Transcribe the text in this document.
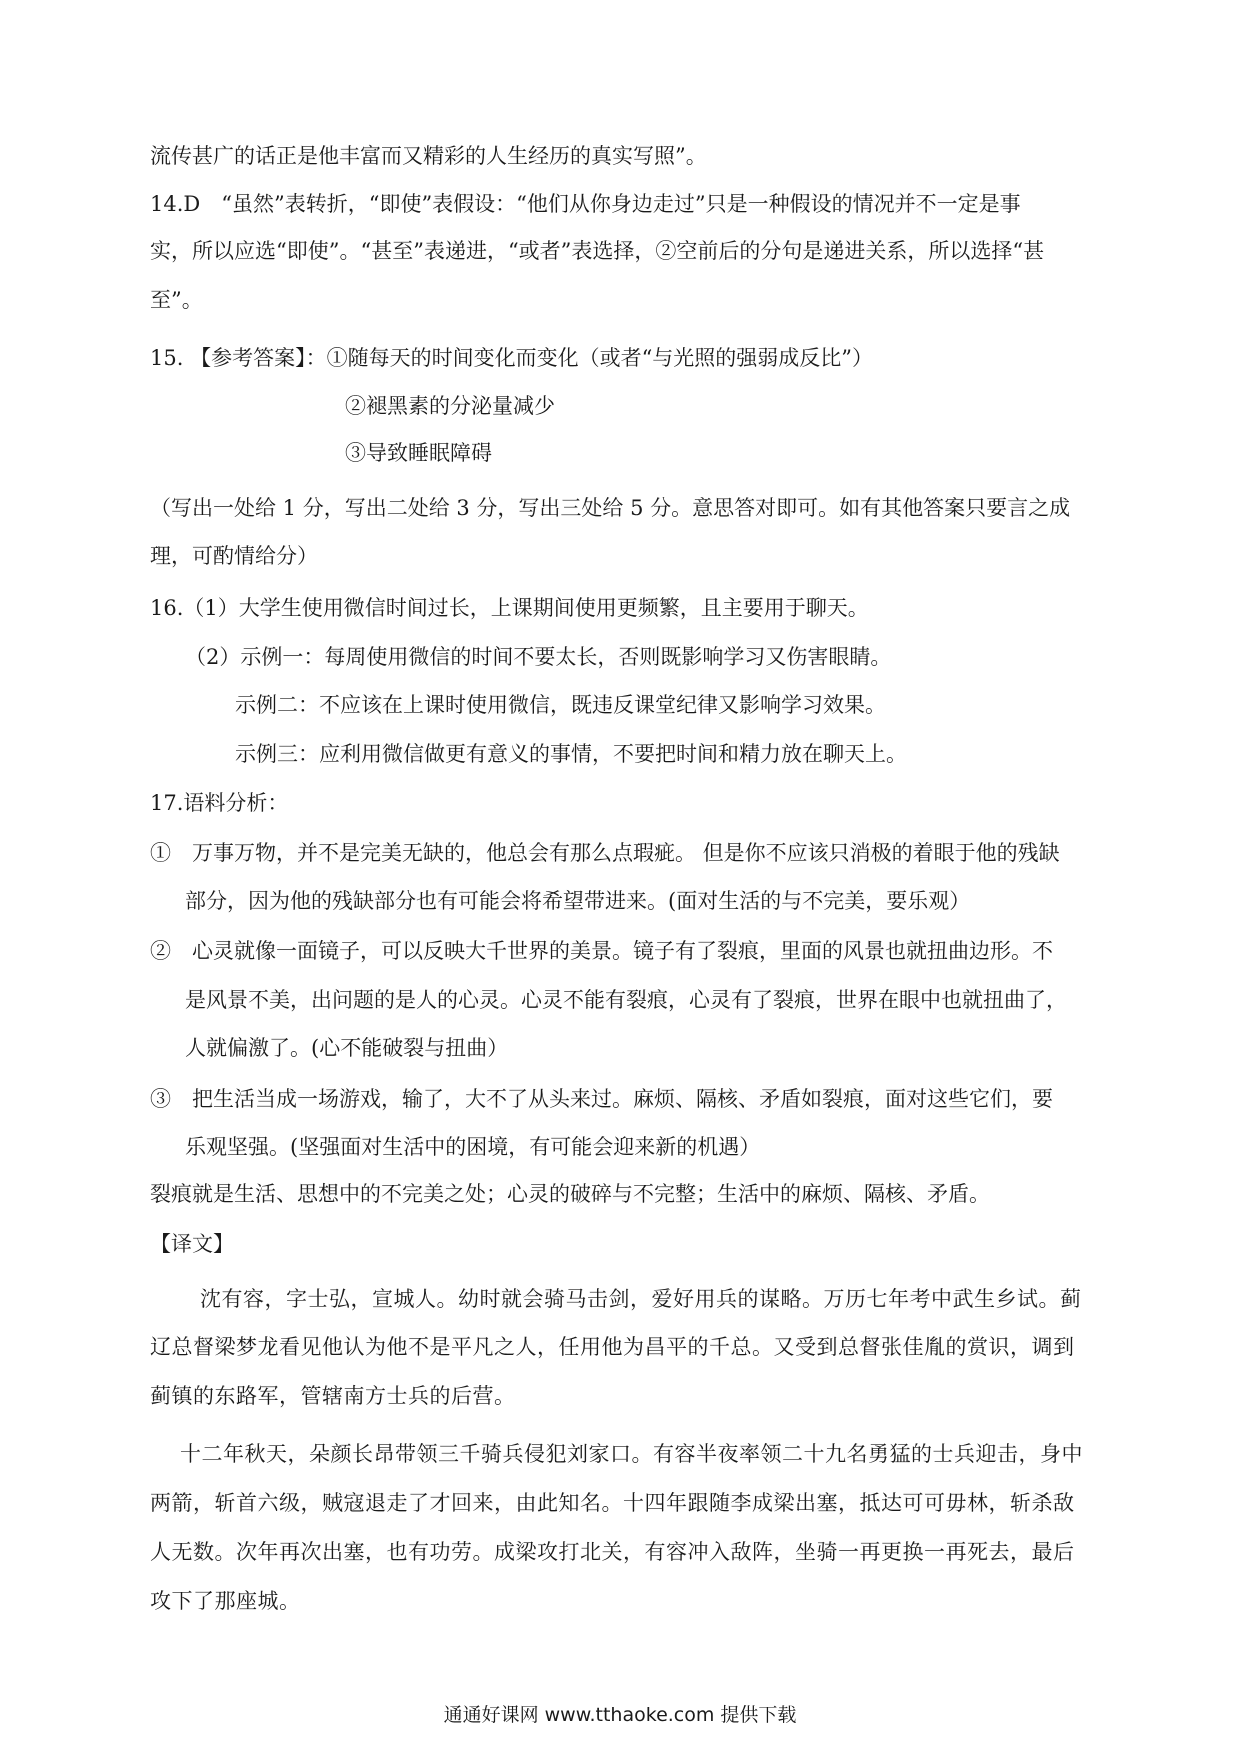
流传甚广的话正是他丰富而又精彩的人生经历的真实写照”。
14.D　“虽然”表转折，“即使”表假设：“他们从你身边走过”只是一种假设的情况并不一定是事
实，所以应选“即使”。“甚至”表递进，“或者”表选择，②空前后的分句是递进关系，所以选择“甚
至”。
15. 【参考答案】：①随每天的时间变化而变化（或者“与光照的强弱成反比”）
②褪黑素的分泌量减少
③导致睡眠障碍
（写出一处给 1 分，写出二处给 3 分，写出三处给 5 分。意思答对即可。如有其他答案只要言之成
理，可酌情给分）
16.（1）大学生使用微信时间过长，上课期间使用更频繁，且主要用于聊天。
（2）示例一：每周使用微信的时间不要太长，否则既影响学习又伤害眼睛。
示例二：不应该在上课时使用微信，既违反课堂纪律又影响学习效果。
示例三：应利用微信做更有意义的事情，不要把时间和精力放在聊天上。
17.语料分析：
①　万事万物，并不是完美无缺的，他总会有那么点瑕疵。 但是你不应该只消极的着眼于他的残缺
部分，因为他的残缺部分也有可能会将希望带进来。(面对生活的与不完美，要乐观）
②　心灵就像一面镜子，可以反映大千世界的美景。镜子有了裂痕，里面的风景也就扭曲边形。不
是风景不美，出问题的是人的心灵。心灵不能有裂痕，心灵有了裂痕，世界在眼中也就扭曲了，
人就偏激了。(心不能破裂与扭曲）
③　把生活当成一场游戏，输了，大不了从头来过。麻烦、隔核、矛盾如裂痕，面对这些它们，要
乐观坚强。(坚强面对生活中的困境，有可能会迎来新的机遇）
裂痕就是生活、思想中的不完美之处；心灵的破碎与不完整；生活中的麻烦、隔核、矛盾。
【译文】
沈有容，字士弘，宣城人。幼时就会骑马击剑，爱好用兵的谋略。万历七年考中武生乡试。蓟
辽总督梁梦龙看见他认为他不是平凡之人，任用他为昌平的千总。又受到总督张佳胤的赏识，调到
蓟镇的东路军，管辖南方士兵的后营。
十二年秋天，朵颜长昂带领三千骑兵侵犯刘家口。有容半夜率领二十九名勇猛的士兵迎击，身中
两箭，斩首六级，贼寇退走了才回来，由此知名。十四年跟随李成梁出塞，抵达可可毋林，斩杀敌
人无数。次年再次出塞，也有功劳。成梁攻打北关，有容冲入敌阵，坐骑一再更换一再死去，最后
攻下了那座城。
通通好课网 www.tthaoke.com 提供下载
